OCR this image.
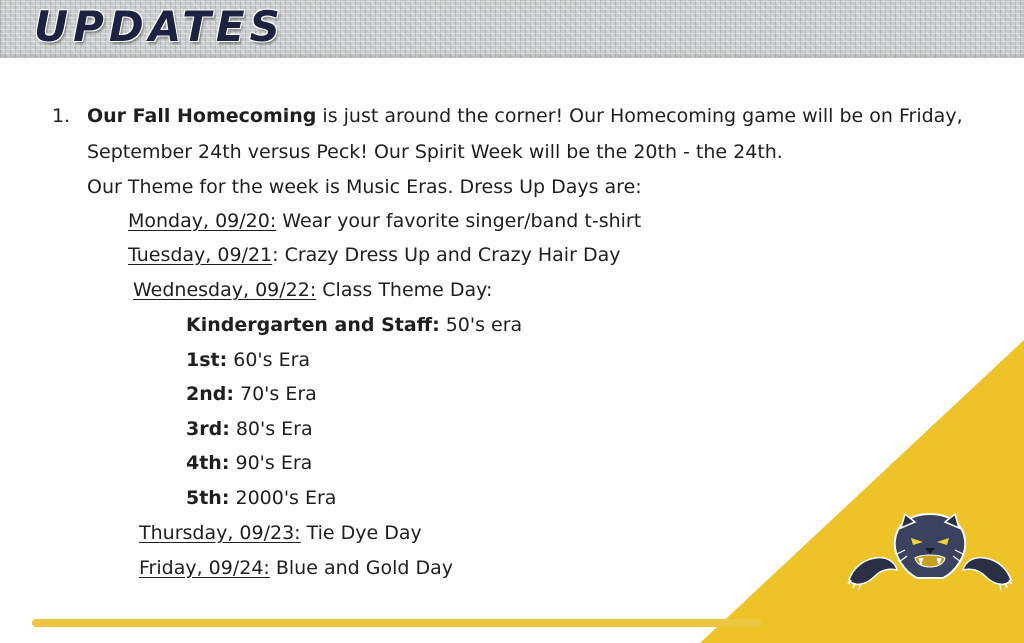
UPDATES
1. Our Fall Homecoming is just around the corner! Our Homecoming game will be on Friday,
September 24th versus Peck! Our Spirit Week will be the 20th - the 24th.
Our Theme for the week is Music Eras. Dress Up Days are:
Monday, 09/20: Wear your favorite singer/band t-shirt
Tuesday, 09/21: Crazy Dress Up and Crazy Hair Day
Wednesday, 09/22: Class Theme Day:
Kindergarten and Staff: 50's era
1st: 60's Era
2nd: 70's Era
3rd: 80's Era
4th: 90's Era
5th: 2000's Era
Thursday, 09/23: Tie Dye Day
Friday, 09/24: Blue and Gold Day
